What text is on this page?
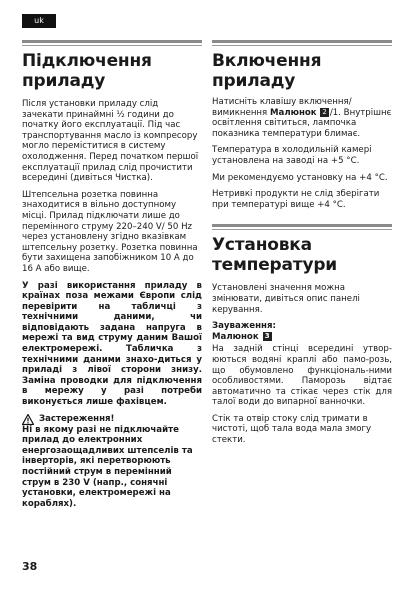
uk
Підключення
приладу

Після установки приладу слід зачекати принаймні ½ години до початку його експлуатації. Під час транспортування масло із компресору могло переміститися в систему охолодження. Перед початком першої експлуатації прилад слід прочистити всередині (дивіться Чистка).

Штепсельна розетка повинна знаходитися в вільно доступному місці. Прилад підключати лише до перемінного струму 220–240 V/ 50 Hz через установлену згідно вказівкам штепсельну розетку. Розетка повинна бути захищена запобіжником 10 A до 16 A або вище.

У разі використання приладу в країнах поза межами Європи слід перевірити на табличці з технічними даними, чи відповідають задана напруга в мережі та вид струму даним Вашої електромережі. Табличка з технічними даними знахо-диться у приладі з лівої сторони знизу. Заміна проводки для підключення в мережу у разі потреби виконується лише фахівцем.

Застереження!

Ні в якому разі не підключайте прилад до електронних енергозаощадливих штепселів та інверторів, які перетворюють постійний струм в перемінний струм в 230 V (напр., сонячні установки, електромережі на кораблях).

Включення приладу

Натисніть клавішу включення/ вимикнення Малюнок 2 /1. Внутрішнє освітлення світиться, лампочка показника температури блимає.

Температура в холодильній камері установлена на заводі на +5 °C.

Ми рекомендуємо установку на +4 °C.

Нетривкі продукти не слід зберігати при температурі вище +4 °C.

Установка
температури

Установлені значення можна змінювати, дивіться опис панелі керування.

Зауваження:
Малюнок 3

На задній стінці всередині утвор-юються водяні краплі або памо-розь, що обумовлено функціональ-ними особливостями. Паморозь відтає автоматично та стікає через стік для талої води до випарної ванночки.

Стік та отвір стоку слід тримати в чистоті, щоб тала вода мала змогу стекти.

38
